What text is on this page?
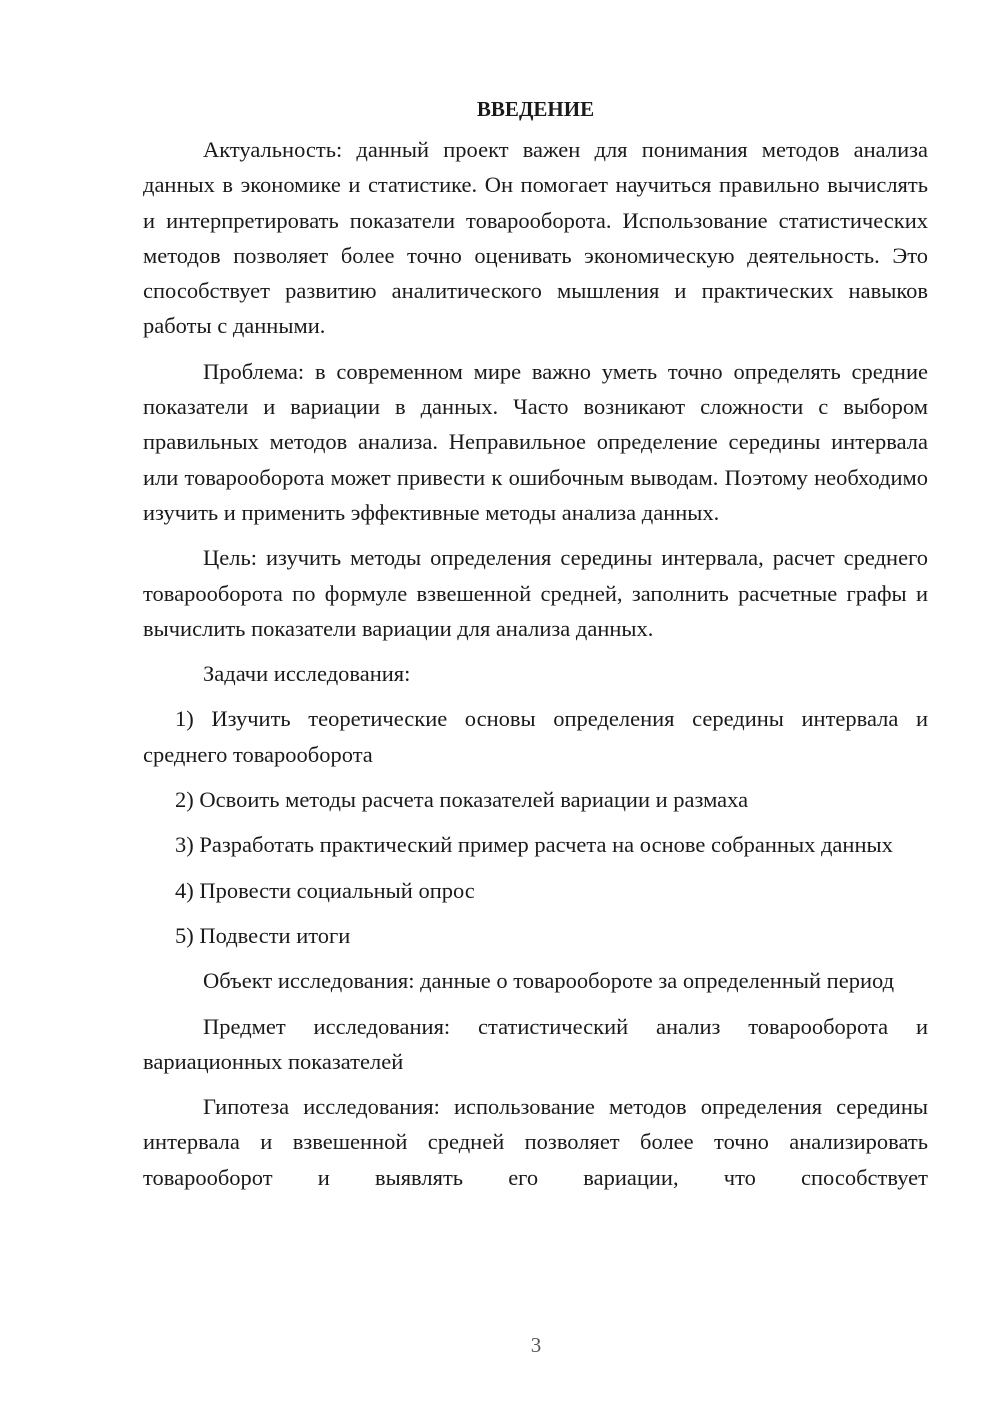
ВВЕДЕНИЕ

Актуальность: данный проект важен для понимания методов анализа данных в экономике и статистике. Он помогает научиться правильно вычислять и интерпретировать показатели товарооборота. Использование статистических методов позволяет более точно оценивать экономическую деятельность. Это способствует развитию аналитического мышления и практических навыков работы с данными.

Проблема: в современном мире важно уметь точно определять средние показатели и вариации в данных. Часто возникают сложности с выбором правильных методов анализа. Неправильное определение середины интервала или товарооборота может привести к ошибочным выводам. Поэтому необходимо изучить и применить эффективные методы анализа данных.

Цель: изучить методы определения середины интервала, расчет среднего товарооборота по формуле взвешенной средней, заполнить расчетные графы и вычислить показатели вариации для анализа данных.

Задачи исследования:

1) Изучить теоретические основы определения середины интервала и среднего товарооборота

2) Освоить методы расчета показателей вариации и размаха

3) Разработать практический пример расчета на основе собранных данных

4) Провести социальный опрос

5) Подвести итоги

Объект исследования: данные о товарообороте за определенный период

Предмет исследования: статистический анализ товарооборота и вариационных показателей

Гипотеза исследования: использование методов определения середины интервала и взвешенной средней позволяет более точно анализировать товарооборот и выявлять его вариации, что способствует

3
